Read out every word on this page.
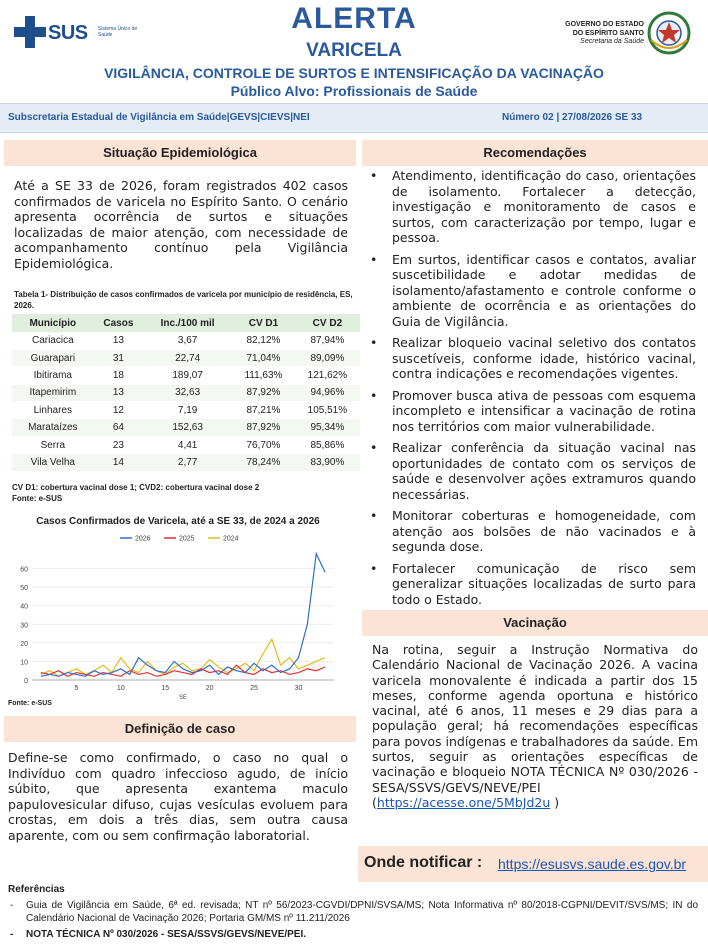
SUS Sistema Único de Saúde	ALERTA
VARICELA
VIGILÂNCIA, CONTROLE DE SURTOS E INTENSIFICAÇÃO DA VACINAÇÃO
Público Alvo: Profissionais de Saúde
GOVERNO DO ESTADO
DO ESPÍRITO SANTO
Secretaria da Saúde
Subscretaria Estadual de Vigilância em Saúde|GEVS|CIEVS|NEI	Número 02 | 27/08/2026 SE 33
Situação Epidemiológica
Até a SE 33 de 2026, foram registrados 402 casos confirmados de varicela no Espírito Santo. O cenário apresenta ocorrência de surtos e situações localizadas de maior atenção, com necessidade de acompanhamento contínuo pela Vigilância Epidemiológica.
Tabela 1- Distribuição de casos confirmados de varicela por município de residência, ES, 2026.
Município	Casos	Inc./100 mil	CV D1	CV D2
Cariacica	13	3,67	82,12%	87,94%
Guarapari	31	22,74	71,04%	89,09%
Ibitirama	18	189,07	111,63%	121,62%
Itapemirim	13	32,63	87,92%	94,96%
Linhares	12	7,19	87,21%	105,51%
Marataízes	64	152,63	87,92%	95,34%
Serra	23	4,41	76,70%	85,86%
Vila Velha	14	2,77	78,24%	83,90%
CV D1: cobertura vacinal dose 1; CVD2: cobertura vacinal dose 2
Fonte: e-SUS
Casos Confirmados de Varicela, até a SE 33, de 2024 a 2026
0
10
20
30
40
50
60
5	10	15	20	25	30
SE
2026	2025	2024
Fonte: e-SUS
Definição de caso
Define-se como confirmado, o caso no qual o Indivíduo com quadro infeccioso agudo, de início súbito, que apresenta exantema maculo papulovesicular difuso, cujas vesículas evoluem para crostas, em dois a três dias, sem outra causa aparente, com ou sem confirmação laboratorial.
Recomendações
• Atendimento, identificação do caso, orientações de isolamento. Fortalecer a detecção, investigação e monitoramento de casos e surtos, com caracterização por tempo, lugar e pessoa.
• Em surtos, identificar casos e contatos, avaliar suscetibilidade e adotar medidas de isolamento/afastamento e controle conforme o ambiente de ocorrência e as orientações do Guia de Vigilância.
• Realizar bloqueio vacinal seletivo dos contatos suscetíveis, conforme idade, histórico vacinal, contra indicações e recomendações vigentes.
• Promover busca ativa de pessoas com esquema incompleto e intensificar a vacinação de rotina nos territórios com maior vulnerabilidade.
• Realizar conferência da situação vacinal nas oportunidades de contato com os serviços de saúde e desenvolver ações extramuros quando necessárias.
• Monitorar coberturas e homogeneidade, com atenção aos bolsões de não vacinados e à segunda dose.
• Fortalecer comunicação de risco sem generalizar situações localizadas de surto para todo o Estado.
Vacinação
Na rotina, seguir a Instrução Normativa do Calendário Nacional de Vacinação 2026. A vacina varicela monovalente é indicada a partir dos 15 meses, conforme agenda oportuna e histórico vacinal, até 6 anos, 11 meses e 29 dias para a população geral; há recomendações específicas para povos indígenas e trabalhadores da saúde. Em surtos, seguir as orientações específicas de vacinação e bloqueio NOTA TÉCNICA Nº 030/2026 - SESA/SSVS/GEVS/NEVE/PEI (https://acesse.one/5MbJd2u )
Onde notificar : https://esusvs.saude.es.gov.br
Referências
- Guia de Vigilância em Saúde, 6ª ed. revisada; NT nº 56/2023-CGVDI/DPNI/SVSA/MS; Nota Informativa nº 80/2018-CGPNI/DEVIT/SVS/MS; IN do Calendário Nacional de Vacinação 2026; Portaria GM/MS nº 11.211/2026
- NOTA TÉCNICA Nº 030/2026 - SESA/SSVS/GEVS/NEVE/PEI.
